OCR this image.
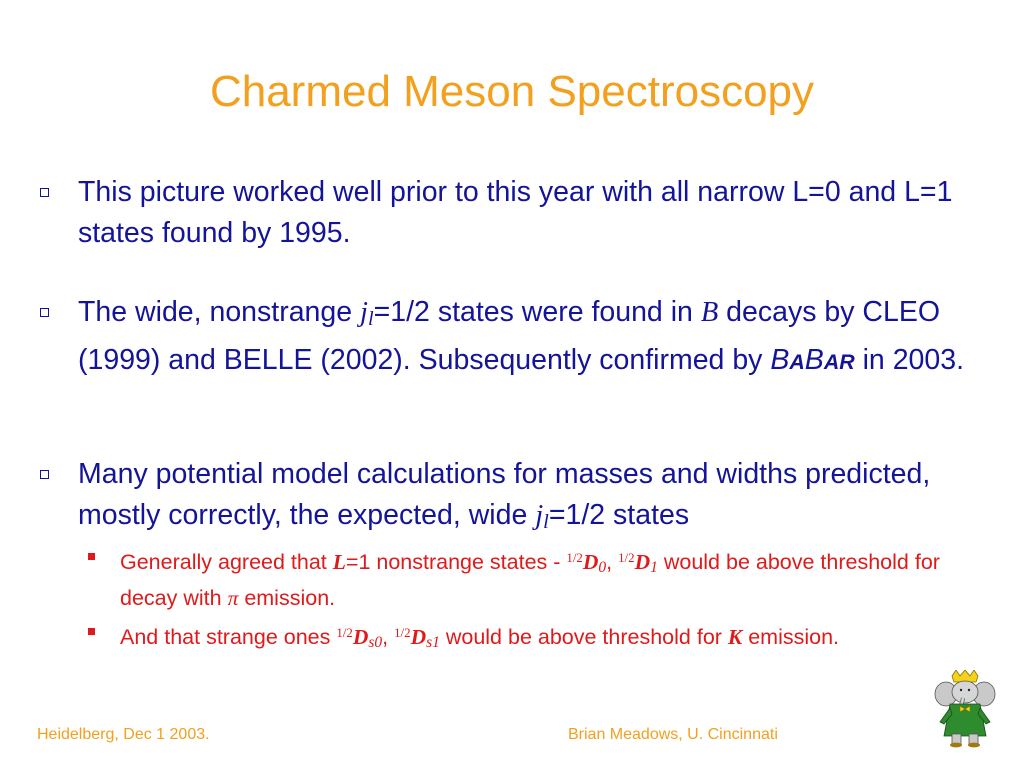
Charmed Meson Spectroscopy
This picture worked well prior to this year with all narrow L=0 and L=1 states found by 1995.
The wide, nonstrange jl=1/2 states were found in B decays by CLEO (1999) and BELLE (2002). Subsequently confirmed by BABAR in 2003.
Many potential model calculations for masses and widths predicted, mostly correctly, the expected, wide jl=1/2 states
Generally agreed that L=1 nonstrange states - $^{1/2}$D0, $^{1/2}$D1 would be above threshold for decay with π emission.
And that strange ones $^{1/2}$Ds0, $^{1/2}$Ds1 would be above threshold for K emission.
Heidelberg, Dec 1 2003.	Brian Meadows, U. Cincinnati
